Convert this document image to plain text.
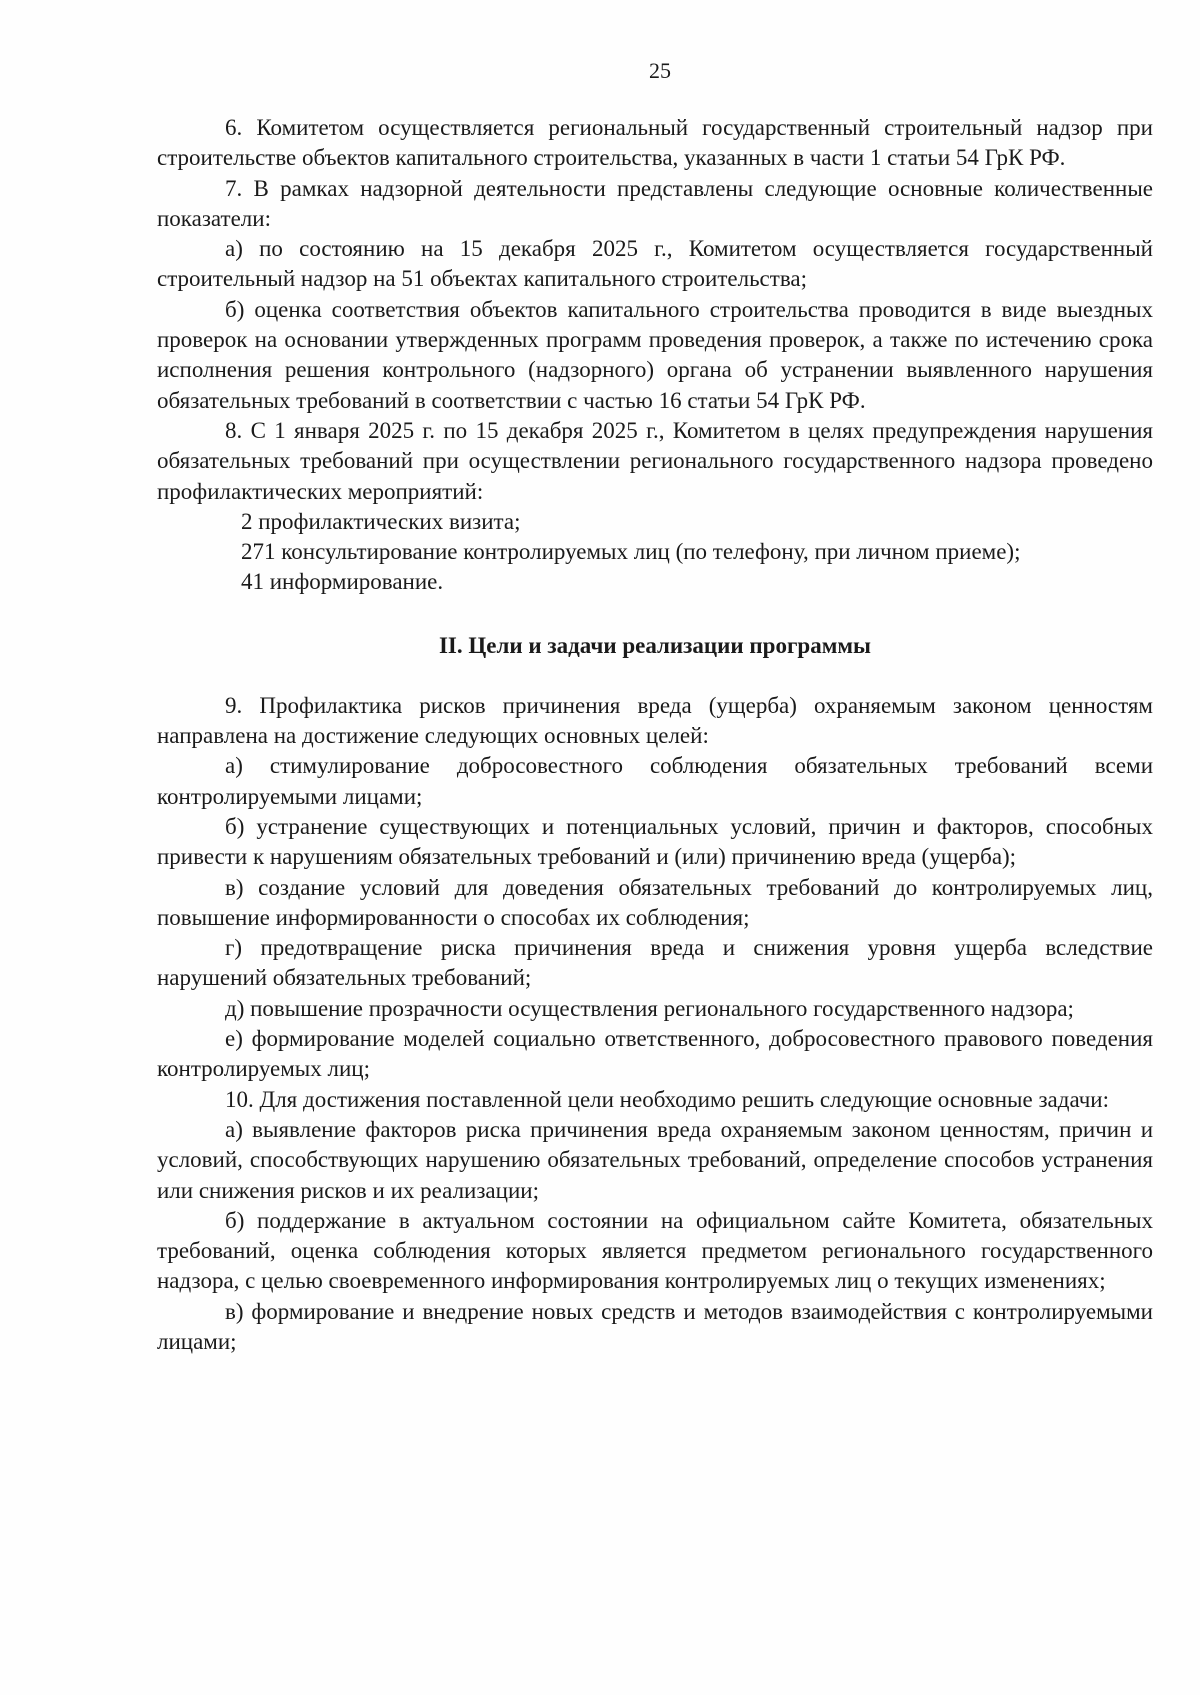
25

6. Комитетом осуществляется региональный государственный строительный надзор при строительстве объектов капитального строительства, указанных в части 1 статьи 54 ГрК РФ.

7. В рамках надзорной деятельности представлены следующие основные количественные показатели:

а) по состоянию на 15 декабря 2025 г., Комитетом осуществляется государственный строительный надзор на 51 объектах капитального строительства;

б) оценка соответствия объектов капитального строительства проводится в виде выездных проверок на основании утвержденных программ проведения проверок, а также по истечению срока исполнения решения контрольного (надзорного) органа об устранении выявленного нарушения обязательных требований в соответствии с частью 16 статьи 54 ГрК РФ.

8. С 1 января 2025 г. по 15 декабря 2025 г., Комитетом в целях предупреждения нарушения обязательных требований при осуществлении регионального государственного надзора проведено профилактических мероприятий:

2 профилактических визита;

271 консультирование контролируемых лиц (по телефону, при личном приеме);

41 информирование.

II. Цели и задачи реализации программы

9. Профилактика рисков причинения вреда (ущерба) охраняемым законом ценностям направлена на достижение следующих основных целей:

а) стимулирование добросовестного соблюдения обязательных требований всеми контролируемыми лицами;

б) устранение существующих и потенциальных условий, причин и факторов, способных привести к нарушениям обязательных требований и (или) причинению вреда (ущерба);

в) создание условий для доведения обязательных требований до контролируемых лиц, повышение информированности о способах их соблюдения;

г) предотвращение риска причинения вреда и снижения уровня ущерба вследствие нарушений обязательных требований;

д) повышение прозрачности осуществления регионального государственного надзора;

е) формирование моделей социально ответственного, добросовестного правового поведения контролируемых лиц;

10. Для достижения поставленной цели необходимо решить следующие основные задачи:

а) выявление факторов риска причинения вреда охраняемым законом ценностям, причин и условий, способствующих нарушению обязательных требований, определение способов устранения или снижения рисков и их реализации;

б) поддержание в актуальном состоянии на официальном сайте Комитета, обязательных требований, оценка соблюдения которых является предметом регионального государственного надзора, с целью своевременного информирования контролируемых лиц о текущих изменениях;

в) формирование и внедрение новых средств и методов взаимодействия с контролируемыми лицами;
